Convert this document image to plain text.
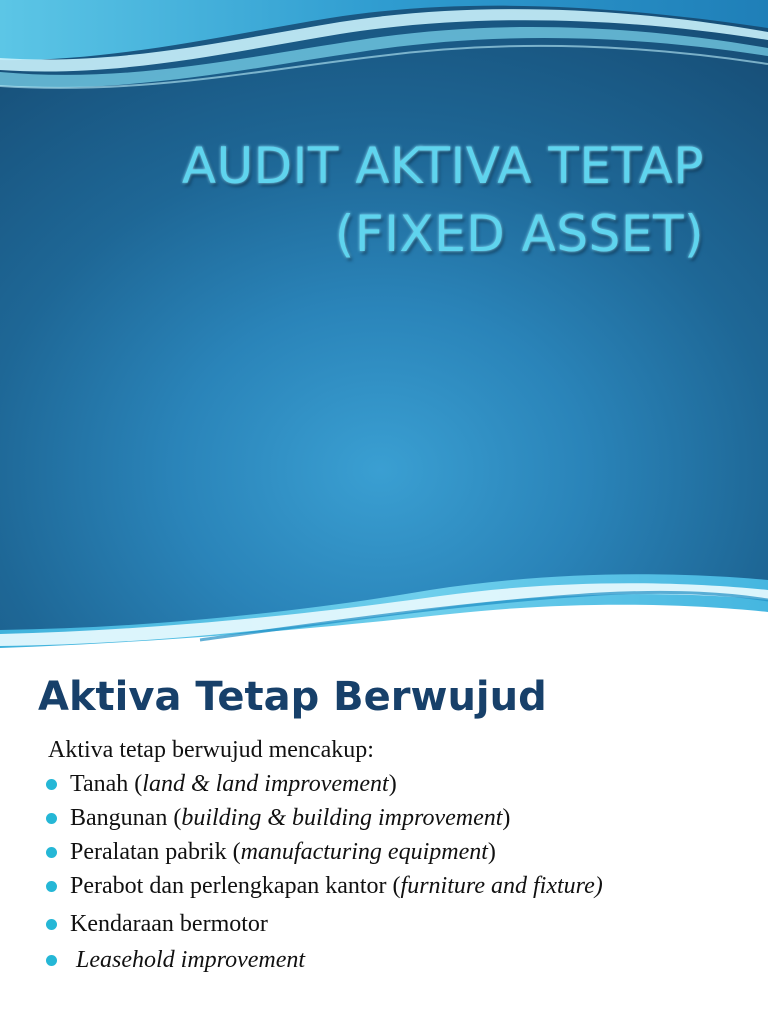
AUDIT AKTIVA TETAP
(FIXED ASSET)
Aktiva Tetap Berwujud

Aktiva tetap berwujud mencakup:

Tanah (land & land improvement)
Bangunan (building & building improvement)
Peralatan pabrik (manufacturing equipment)
Perabot dan perlengkapan kantor (furniture and fixture)
Kendaraan bermotor
Leasehold improvement
